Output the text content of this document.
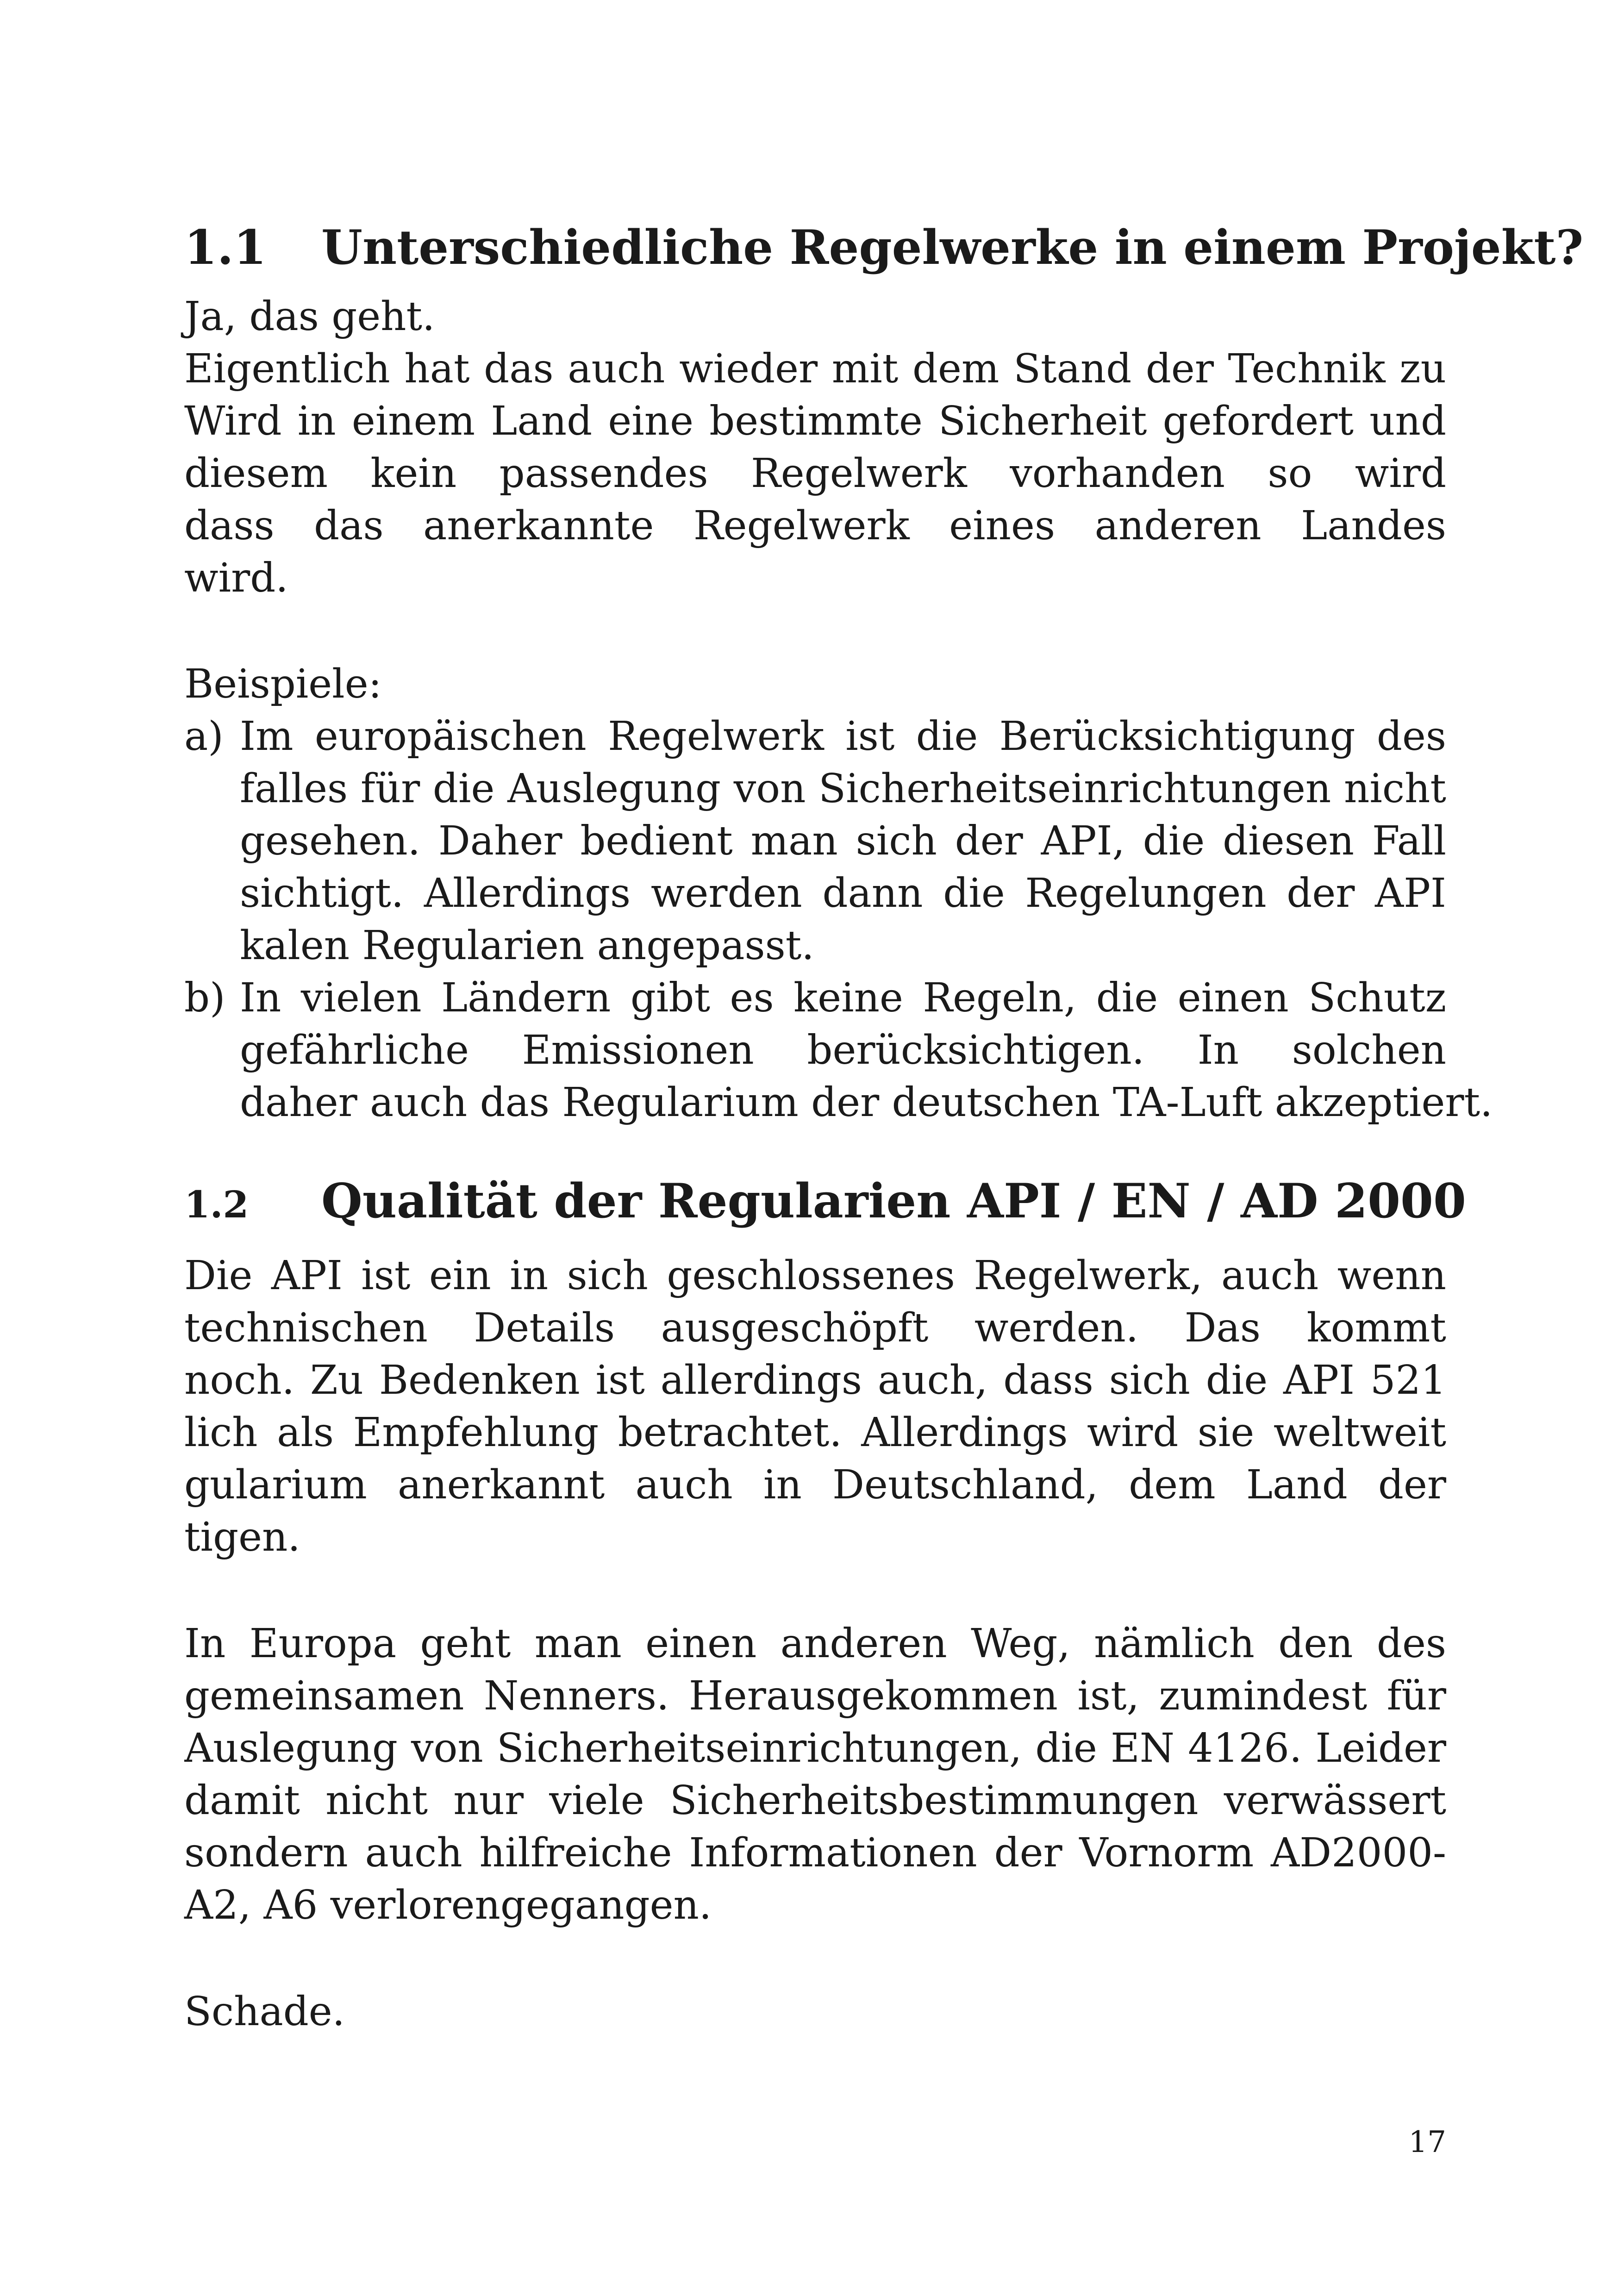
1.1 Unterschiedliche Regelwerke in einem Projekt?
Ja, das geht.
Eigentlich hat das auch wieder mit dem Stand der Technik zu
Wird in einem Land eine bestimmte Sicherheit gefordert und
diesem kein passendes Regelwerk vorhanden so wird
dass das anerkannte Regelwerk eines anderen Landes
wird.
Beispiele:
a) Im europäischen Regelwerk ist die Berücksichtigung des
falles für die Auslegung von Sicherheitseinrichtungen nicht
gesehen. Daher bedient man sich der API, die diesen Fall
sichtigt. Allerdings werden dann die Regelungen der API
kalen Regularien angepasst.
b) In vielen Ländern gibt es keine Regeln, die einen Schutz
gefährliche Emissionen berücksichtigen. In solchen
daher auch das Regularium der deutschen TA-Luft akzeptiert.
1.2 Qualität der Regularien API / EN / AD 2000
Die API ist ein in sich geschlossenes Regelwerk, auch wenn
technischen Details ausgeschöpft werden. Das kommt
noch. Zu Bedenken ist allerdings auch, dass sich die API 521
lich als Empfehlung betrachtet. Allerdings wird sie weltweit
gularium anerkannt auch in Deutschland, dem Land der
tigen.
In Europa geht man einen anderen Weg, nämlich den des
gemeinsamen Nenners. Herausgekommen ist, zumindest für
Auslegung von Sicherheitseinrichtungen, die EN 4126. Leider
damit nicht nur viele Sicherheitsbestimmungen verwässert
sondern auch hilfreiche Informationen der Vornorm AD2000-
A2, A6 verlorengegangen.
Schade.
17
